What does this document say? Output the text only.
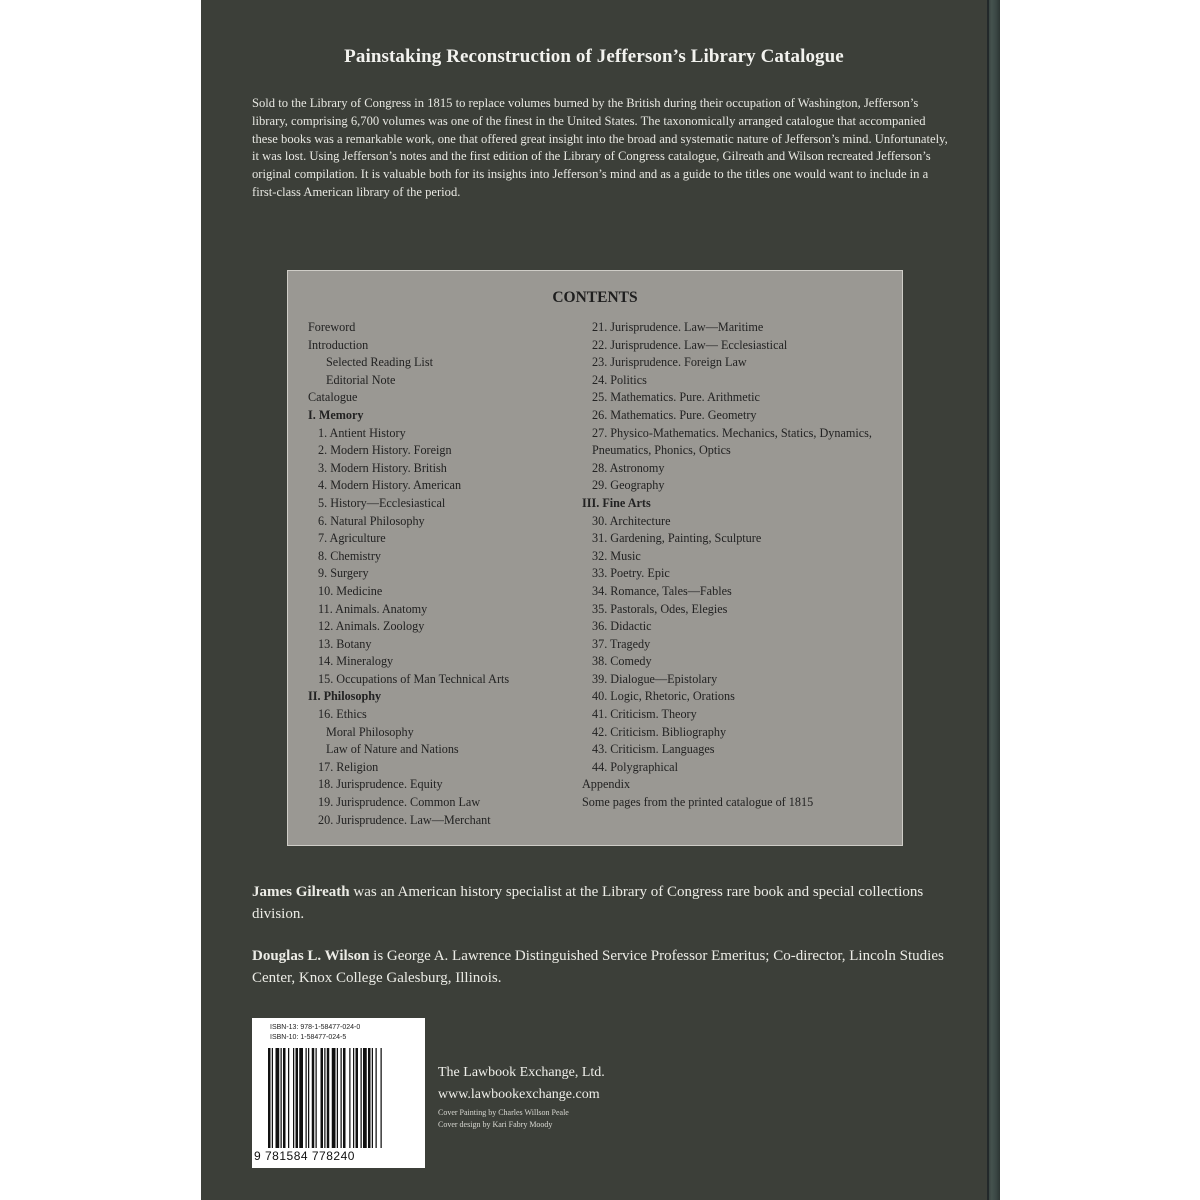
Painstaking Reconstruction of Jefferson’s Library Catalogue
Sold to the Library of Congress in 1815 to replace volumes burned by the British during their occupation of Washington, Jefferson’s library, comprising 6,700 volumes was one of the finest in the United States. The taxonomically arranged catalogue that accompanied these books was a remarkable work, one that offered great insight into the broad and systematic nature of Jefferson’s mind. Unfortunately, it was lost. Using Jefferson’s notes and the first edition of the Library of Congress catalogue, Gilreath and Wilson recreated Jefferson’s original compilation. It is valuable both for its insights into Jefferson’s mind and as a guide to the titles one would want to include in a first-class American library of the period.
CONTENTS
Foreword
Introduction
Selected Reading List
Editorial Note
Catalogue
I. Memory
1. Antient History
2. Modern History. Foreign
3. Modern History. British
4. Modern History. American
5. History—Ecclesiastical
6. Natural Philosophy
7. Agriculture
8. Chemistry
9. Surgery
10. Medicine
11. Animals. Anatomy
12. Animals. Zoology
13. Botany
14. Mineralogy
15. Occupations of Man Technical Arts
II. Philosophy
16. Ethics
Moral Philosophy
Law of Nature and Nations
17. Religion
18. Jurisprudence. Equity
19. Jurisprudence. Common Law
20. Jurisprudence. Law—Merchant
21. Jurisprudence. Law—Maritime
22. Jurisprudence. Law— Ecclesiastical
23. Jurisprudence. Foreign Law
24. Politics
25. Mathematics. Pure. Arithmetic
26. Mathematics. Pure. Geometry
27. Physico-Mathematics. Mechanics, Statics, Dynamics, Pneumatics, Phonics, Optics
28. Astronomy
29. Geography
III. Fine Arts
30. Architecture
31. Gardening, Painting, Sculpture
32. Music
33. Poetry. Epic
34. Romance, Tales—Fables
35. Pastorals, Odes, Elegies
36. Didactic
37. Tragedy
38. Comedy
39. Dialogue—Epistolary
40. Logic, Rhetoric, Orations
41. Criticism. Theory
42. Criticism. Bibliography
43. Criticism. Languages
44. Polygraphical
Appendix
Some pages from the printed catalogue of 1815
James Gilreath was an American history specialist at the Library of Congress rare book and special collections division.
Douglas L. Wilson is George A. Lawrence Distinguished Service Professor Emeritus; Co-director, Lincoln Studies Center, Knox College Galesburg, Illinois.
ISBN-13: 978-1-58477-024-0
ISBN-10: 1-58477-024-5
9 781584 778240
The Lawbook Exchange, Ltd.
www.lawbookexchange.com
Cover Painting by Charles Willson Peale
Cover design by Kari Fabry Moody
